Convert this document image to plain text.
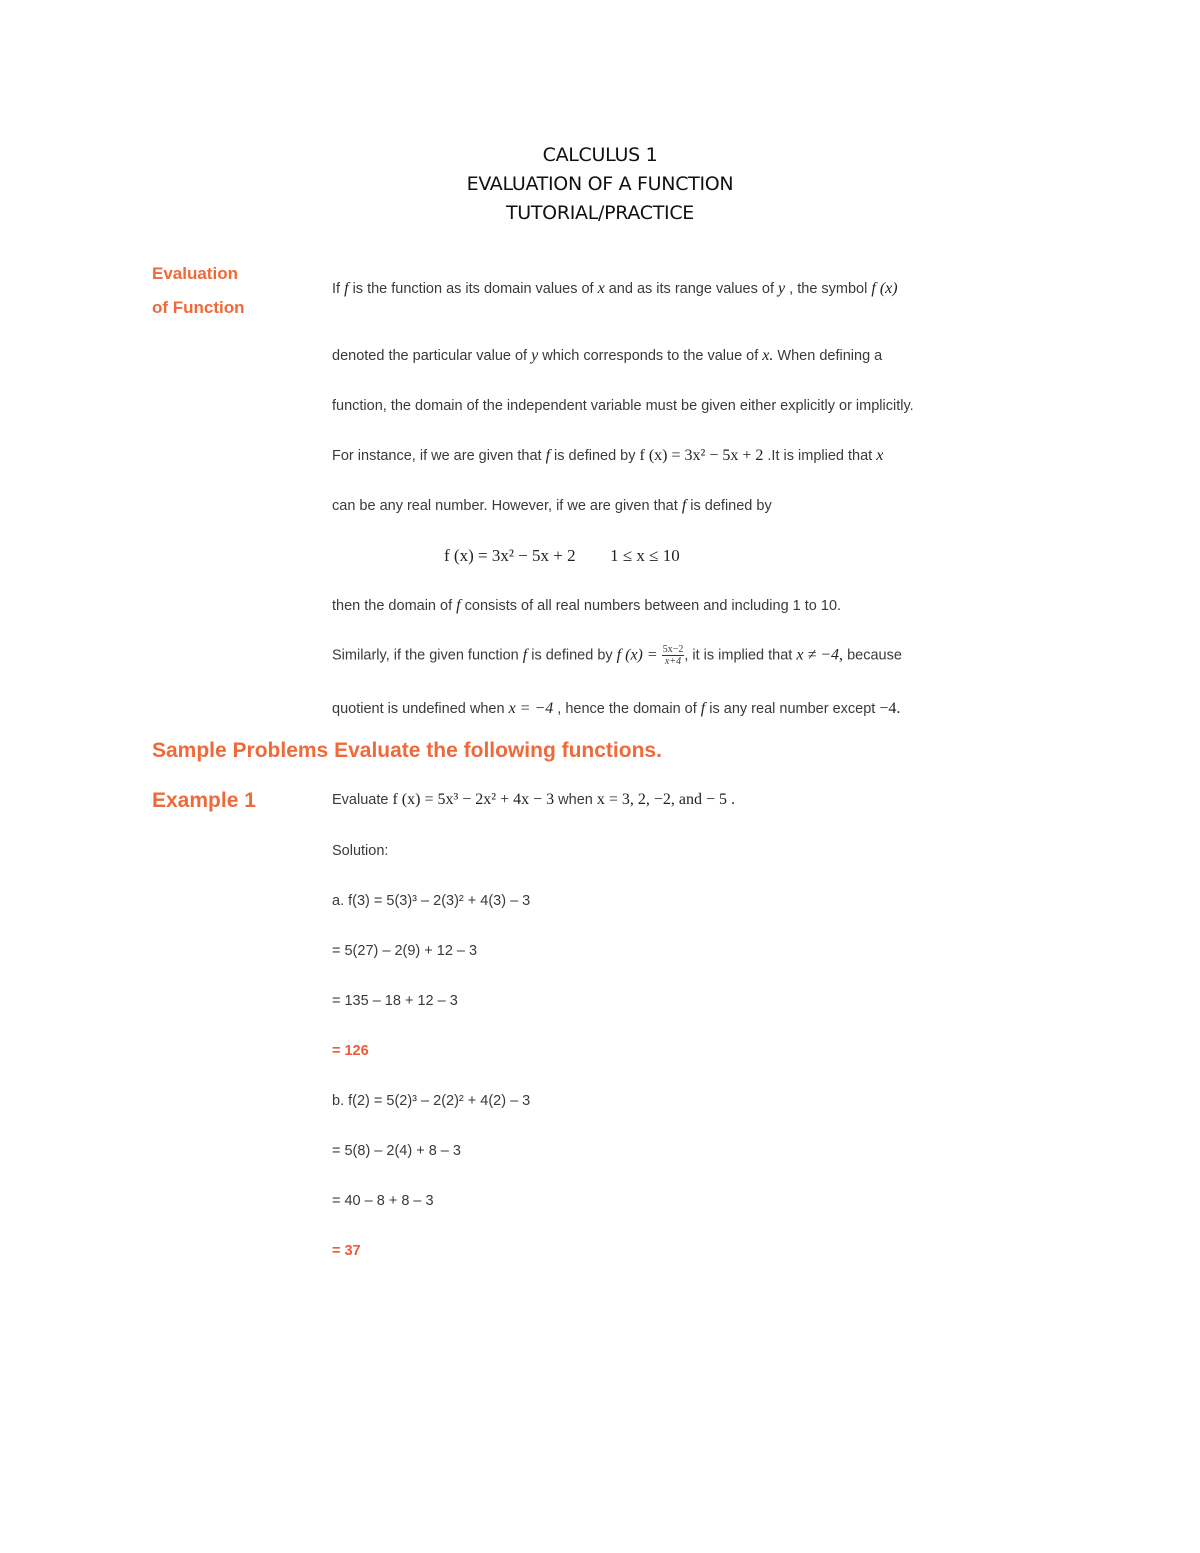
CALCULUS 1
EVALUATION OF A FUNCTION
TUTORIAL/PRACTICE
Evaluation
of Function
If f is the function as its domain values of x and as its range values of y , the symbol f (x)
denoted the particular value of y which corresponds to the value of x. When defining a
function, the domain of the independent variable must be given either explicitly or implicitly.
For instance, if we are given that f is defined by f (x) = 3x² − 5x + 2 .It is implied that x
can be any real number. However, if we are given that f is defined by
f (x) = 3x² − 5x + 2 1 ≤ x ≤ 10
then the domain of f consists of all real numbers between and including 1 to 10.
Similarly, if the given function f is defined by f $(x) = \frac{5x-2}{x+4}$ , it is implied that x ≠ −4, because
quotient is undefined when x = −4 , hence the domain of f is any real number except −4.
Sample Problems Evaluate the following functions.
Example 1	Evaluate f (x) = 5x³ − 2x² + 4x − 3 when x = 3, 2, −2, and − 5 .
Solution:
a. f(3) = 5(3)³ – 2(3)² + 4(3) – 3
= 5(27) – 2(9) + 12 – 3
= 135 – 18 + 12 – 3
= 126
b. f(2) = 5(2)³ – 2(2)² + 4(2) – 3
= 5(8) – 2(4) + 8 – 3
= 40 – 8 + 8 – 3
= 37
